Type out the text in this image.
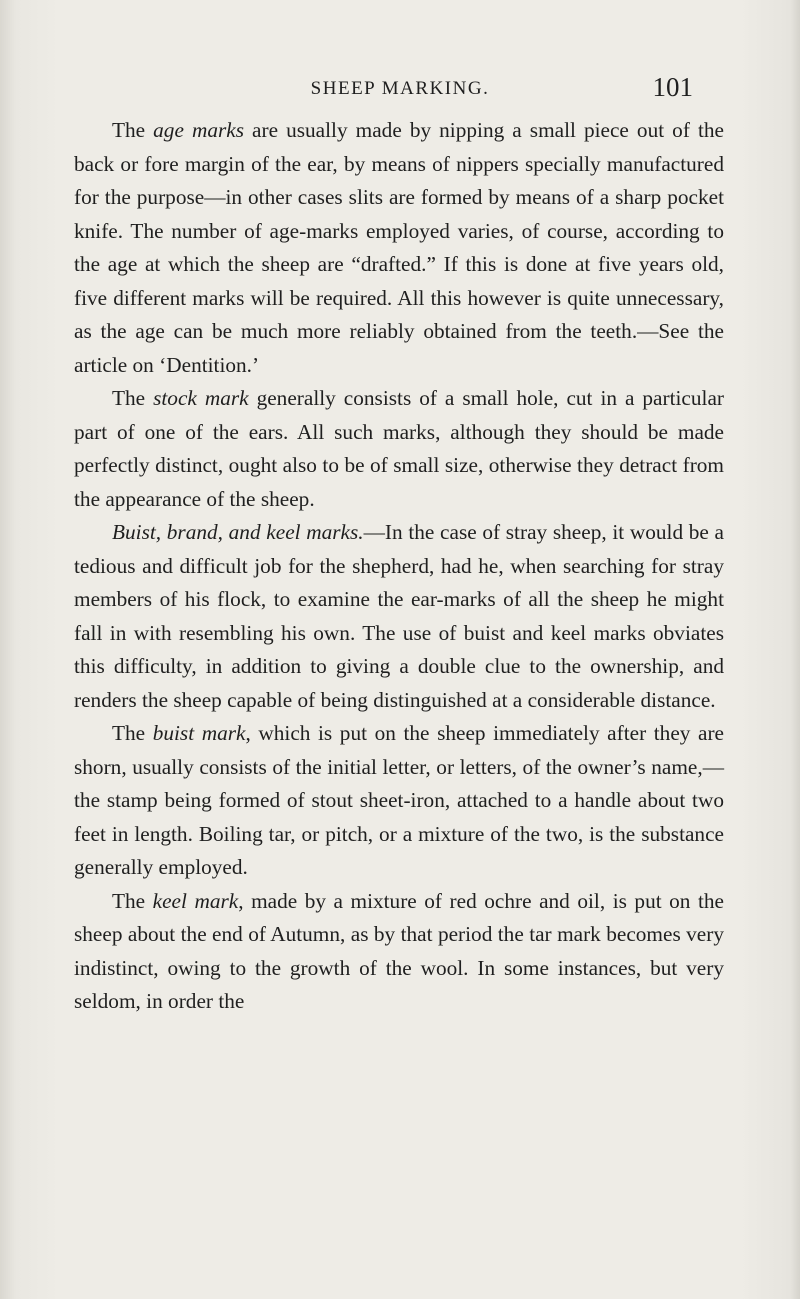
SHEEP MARKING.	101

The age marks are usually made by nipping a small piece out of the back or fore margin of the ear, by means of nippers specially manufactured for the purpose—in other cases slits are formed by means of a sharp pocket knife. The number of age-marks employed varies, of course, according to the age at which the sheep are “drafted.” If this is done at five years old, five different marks will be required. All this however is quite unnecessary, as the age can be much more reliably obtained from the teeth.—See the article on ‘Dentition.’

The stock mark generally consists of a small hole, cut in a particular part of one of the ears. All such marks, although they should be made perfectly distinct, ought also to be of small size, otherwise they detract from the appearance of the sheep.

Buist, brand, and keel marks.—In the case of stray sheep, it would be a tedious and difficult job for the shepherd, had he, when searching for stray members of his flock, to examine the ear-marks of all the sheep he might fall in with resembling his own. The use of buist and keel marks obviates this difficulty, in addition to giving a double clue to the ownership, and renders the sheep capable of being distinguished at a considerable distance.

The buist mark, which is put on the sheep immediately after they are shorn, usually consists of the initial letter, or letters, of the owner’s name,—the stamp being formed of stout sheet-iron, attached to a handle about two feet in length. Boiling tar, or pitch, or a mixture of the two, is the substance generally employed.

The keel mark, made by a mixture of red ochre and oil, is put on the sheep about the end of Autumn, as by that period the tar mark becomes very indistinct, owing to the growth of the wool. In some instances, but very seldom, in order the
